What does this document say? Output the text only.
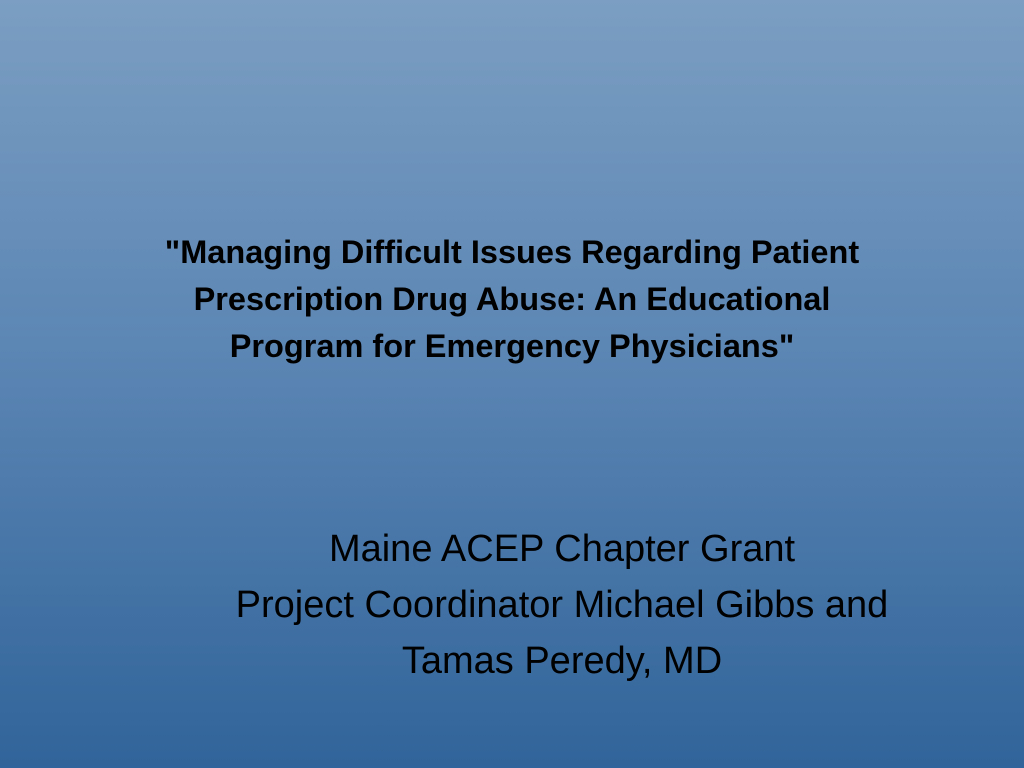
"Managing Difficult Issues Regarding Patient Prescription Drug Abuse: An Educational Program for Emergency Physicians"
Maine ACEP Chapter Grant
Project Coordinator Michael Gibbs and Tamas Peredy, MD
